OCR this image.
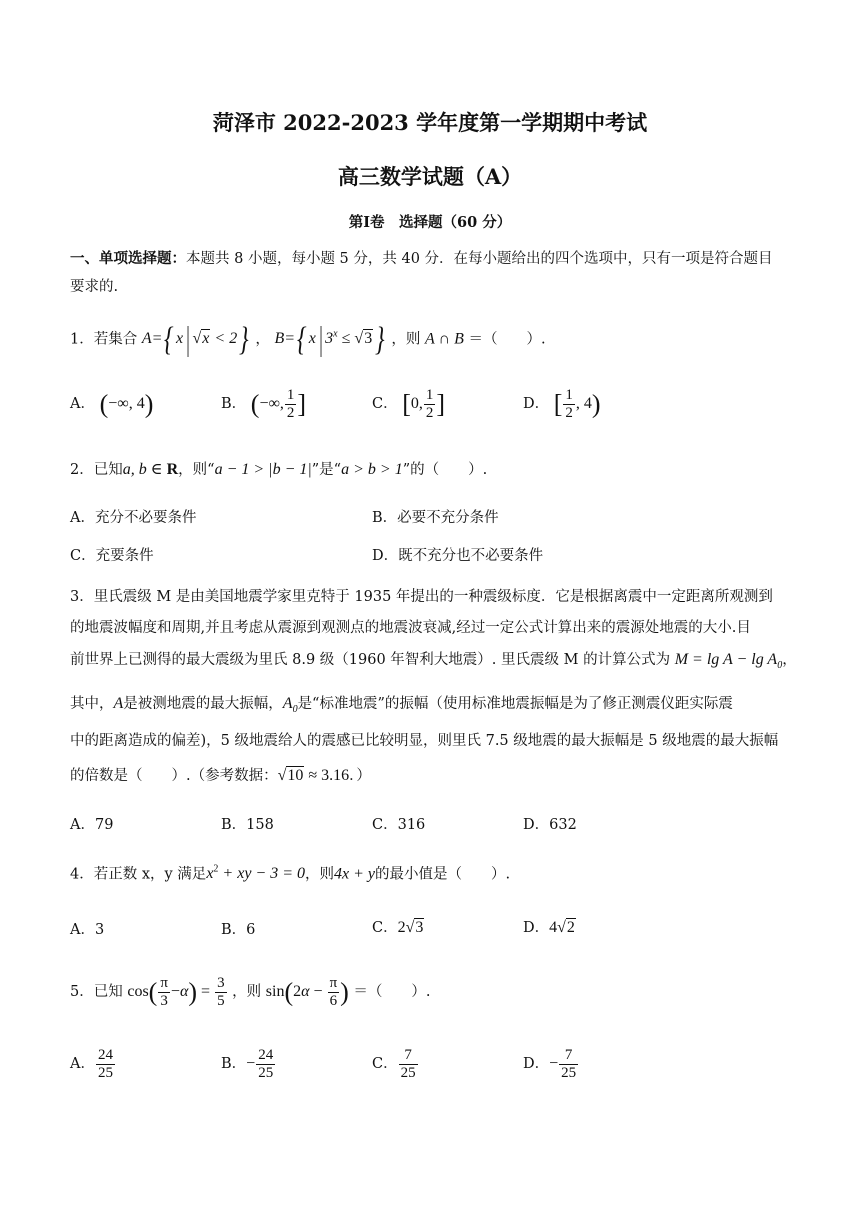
菏泽市 2022-2023 学年度第一学期期中考试
高三数学试题（A）
第Ⅰ卷　选择题（60 分）
一、单项选择题：本题共 8 小题，每小题 5 分，共 40 分．在每小题给出的四个选项中，只有一项是符合题目
要求的.
1．若集合 A={ x| √x < 2} ， B={ x| $3^x \le √3$} ，则 A ∩ B ＝（　　）.
A． (−∞, 4)	B． (−∞, $\frac{1}{2}$ ]	C． [0, $\frac{1}{2}$ ]	D． [ $\frac{1}{2}$ , 4)
2．已知a, b ∈ R，则“a − 1 > |b − 1|”是“a > b > 1”的（　　）.
A．充分不必要条件	B．必要不充分条件
C．充要条件	D．既不充分也不必要条件
3．里氏震级 M 是由美国地震学家里克特于 1935 年提出的一种震级标度．它是根据离震中一定距离所观测到
的地震波幅度和周期,并且考虑从震源到观测点的地震波衰减,经过一定公式计算出来的震源处地震的大小.目
前世界上已测得的最大震级为里氏 8.9 级（1960 年智利大地震）. 里氏震级 M 的计算公式为 $M = \lg A - \lg A_0$，
其中，A是被测地震的最大振幅，$A_0$是“标准地震”的振幅（使用标准地震振幅是为了修正测震仪距实际震
中的距离造成的偏差)，5 级地震给人的震感已比较明显，则里氏 7.5 级地震的最大振幅是 5 级地震的最大振幅
的倍数是（　　）.（参考数据：√10 ≈ 3.16．）
A．79	B．158	C．316	D．632
4．若正数 x，y 满足$x^2$ + xy − 3 = 0，则4x + y的最小值是（　　）.
A．3	B．6	C．2√3	D．4√2
5．已知 $\cos( \frac{\pi}{3} -\alpha) = \frac{3}{5}$ ，则 $\sin(2\alpha - \frac{\pi}{6}$ ) ＝（　　）.
A． $\frac{24}{25}$	B．− $\frac{24}{25}$	C． $\frac{7}{25}$	D．− $\frac{7}{25}$
